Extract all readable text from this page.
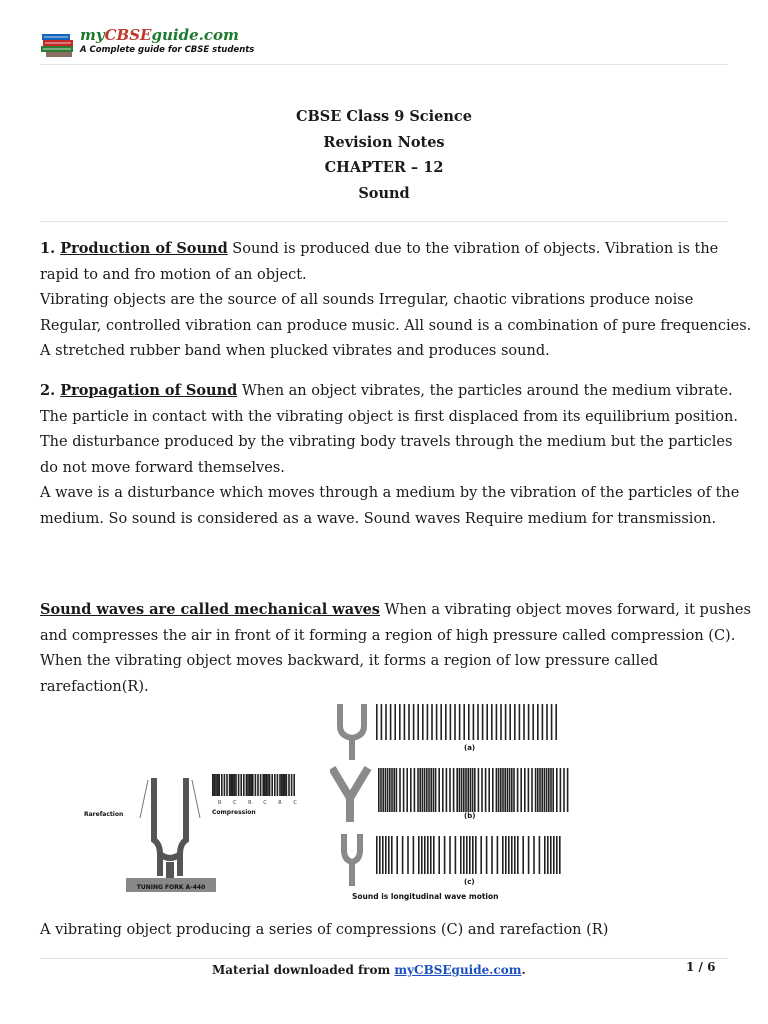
myCBSEguide.com
A Complete guide for CBSE students
CBSE Class 9 Science
Revision Notes
CHAPTER – 12
Sound

1. Production of Sound Sound is produced due to the vibration of objects. Vibration is the rapid to and fro motion of an object.

Vibrating objects are the source of all sounds Irregular, chaotic vibrations produce noise Regular, controlled vibration can produce music. All sound is a combination of pure frequencies. A stretched rubber band when plucked vibrates and produces sound.

2. Propagation of Sound When an object vibrates, the particles around the medium vibrate. The particle in contact with the vibrating object is first displaced from its equilibrium position.

The disturbance produced by the vibrating body travels through the medium but the particles do not move forward themselves.

A wave is a disturbance which moves through a medium by the vibration of the particles of the medium. So sound is considered as a wave. Sound waves Require medium for transmission.

Sound waves are called mechanical waves When a vibrating object moves forward, it pushes and compresses the air in front of it forming a region of high pressure called compression (C). When the vibrating object moves backward, it forms a region of low pressure called rarefaction(R).

TUNING FORK A-440
Rarefaction	Compression
R C R C R C
(a)
(b)
(c)
Sound is longitudinal wave motion
A vibrating object producing a series of compressions (C) and rarefaction (R)
Material downloaded from myCBSEguide.com.	1 / 6
